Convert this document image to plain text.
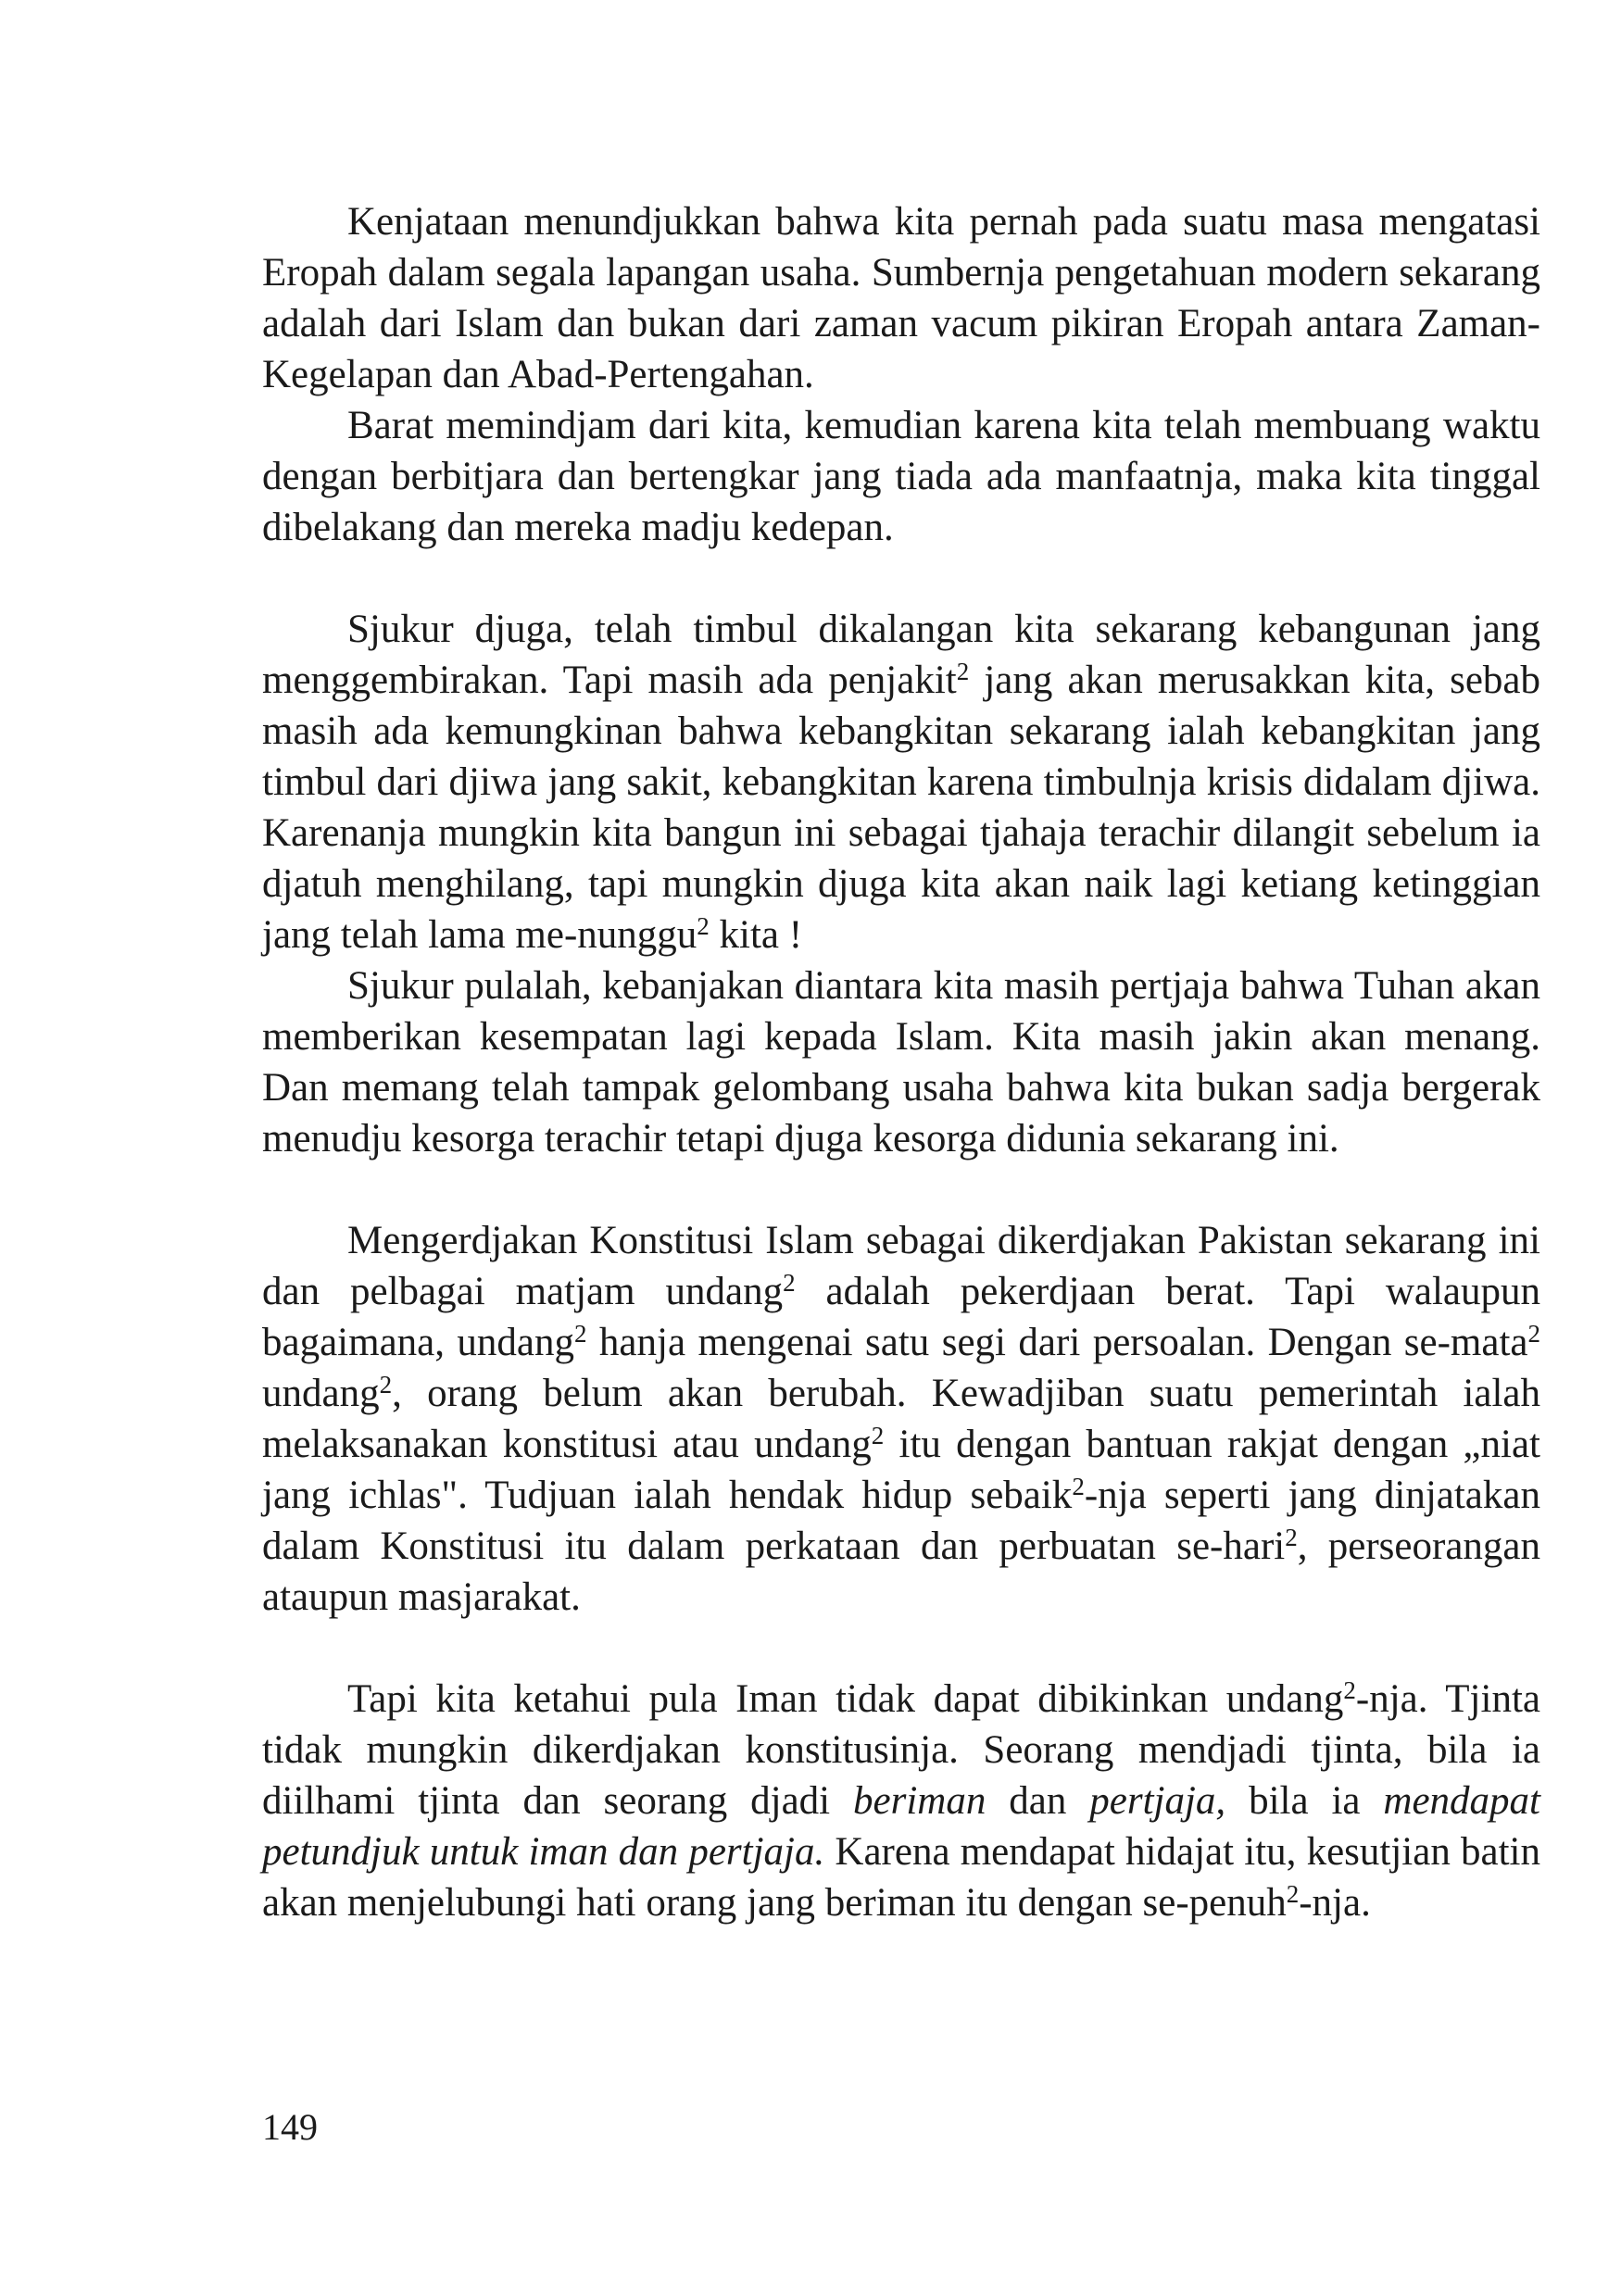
Kenjataan menundjukkan bahwa kita pernah pada suatu masa mengatasi Eropah dalam segala lapangan usaha. Sumbernja pengetahuan modern sekarang adalah dari Islam dan bukan dari zaman vacum pikiran Eropah antara Zaman-Kegelapan dan Abad-Pertengahan.

Barat memindjam dari kita, kemudian karena kita telah membuang waktu dengan berbitjara dan bertengkar jang tiada ada manfaatnja, maka kita tinggal dibelakang dan mereka madju kedepan.

Sjukur djuga, telah timbul dikalangan kita sekarang kebangunan jang menggembirakan. Tapi masih ada penjakit$^2$ jang akan merusakkan kita, sebab masih ada kemungkinan bahwa kebangkitan sekarang ialah kebangkitan jang timbul dari djiwa jang sakit, kebangkitan karena timbulnja krisis didalam djiwa. Karenanja mungkin kita bangun ini sebagai tjahaja terachir dilangit sebelum ia djatuh menghilang, tapi mungkin djuga kita akan naik lagi ketiang ketinggian jang telah lama me-nunggu$^2$ kita !

Sjukur pulalah, kebanjakan diantara kita masih pertjaja bahwa Tuhan akan memberikan kesempatan lagi kepada Islam. Kita masih jakin akan menang. Dan memang telah tampak gelombang usaha bahwa kita bukan sadja bergerak menudju kesorga terachir tetapi djuga kesorga didunia sekarang ini.

Mengerdjakan Konstitusi Islam sebagai dikerdjakan Pakistan sekarang ini dan pelbagai matjam undang$^2$ adalah pekerdjaan berat. Tapi walaupun bagaimana, undang$^2$ hanja mengenai satu segi dari persoalan. Dengan se-mata$^2$ undang$^2$, orang belum akan berubah. Kewadjiban suatu pemerintah ialah melaksanakan konstitusi atau undang$^2$ itu dengan bantuan rakjat dengan „niat jang ichlas". Tudjuan ialah hendak hidup sebaik$^2$-nja seperti jang dinjatakan dalam Konstitusi itu dalam perkataan dan perbuatan se-hari$^2$, perseorangan ataupun masjarakat.

Tapi kita ketahui pula Iman tidak dapat dibikinkan undang$^2$-nja. Tjinta tidak mungkin dikerdjakan konstitusinja. Seorang mendjadi tjinta, bila ia diilhami tjinta dan seorang djadi beriman dan pertjaja, bila ia mendapat petundjuk untuk iman dan pertjaja. Karena mendapat hidajat itu, kesutjian batin akan menjelubungi hati orang jang beriman itu dengan se-penuh$^2$-nja.

149
